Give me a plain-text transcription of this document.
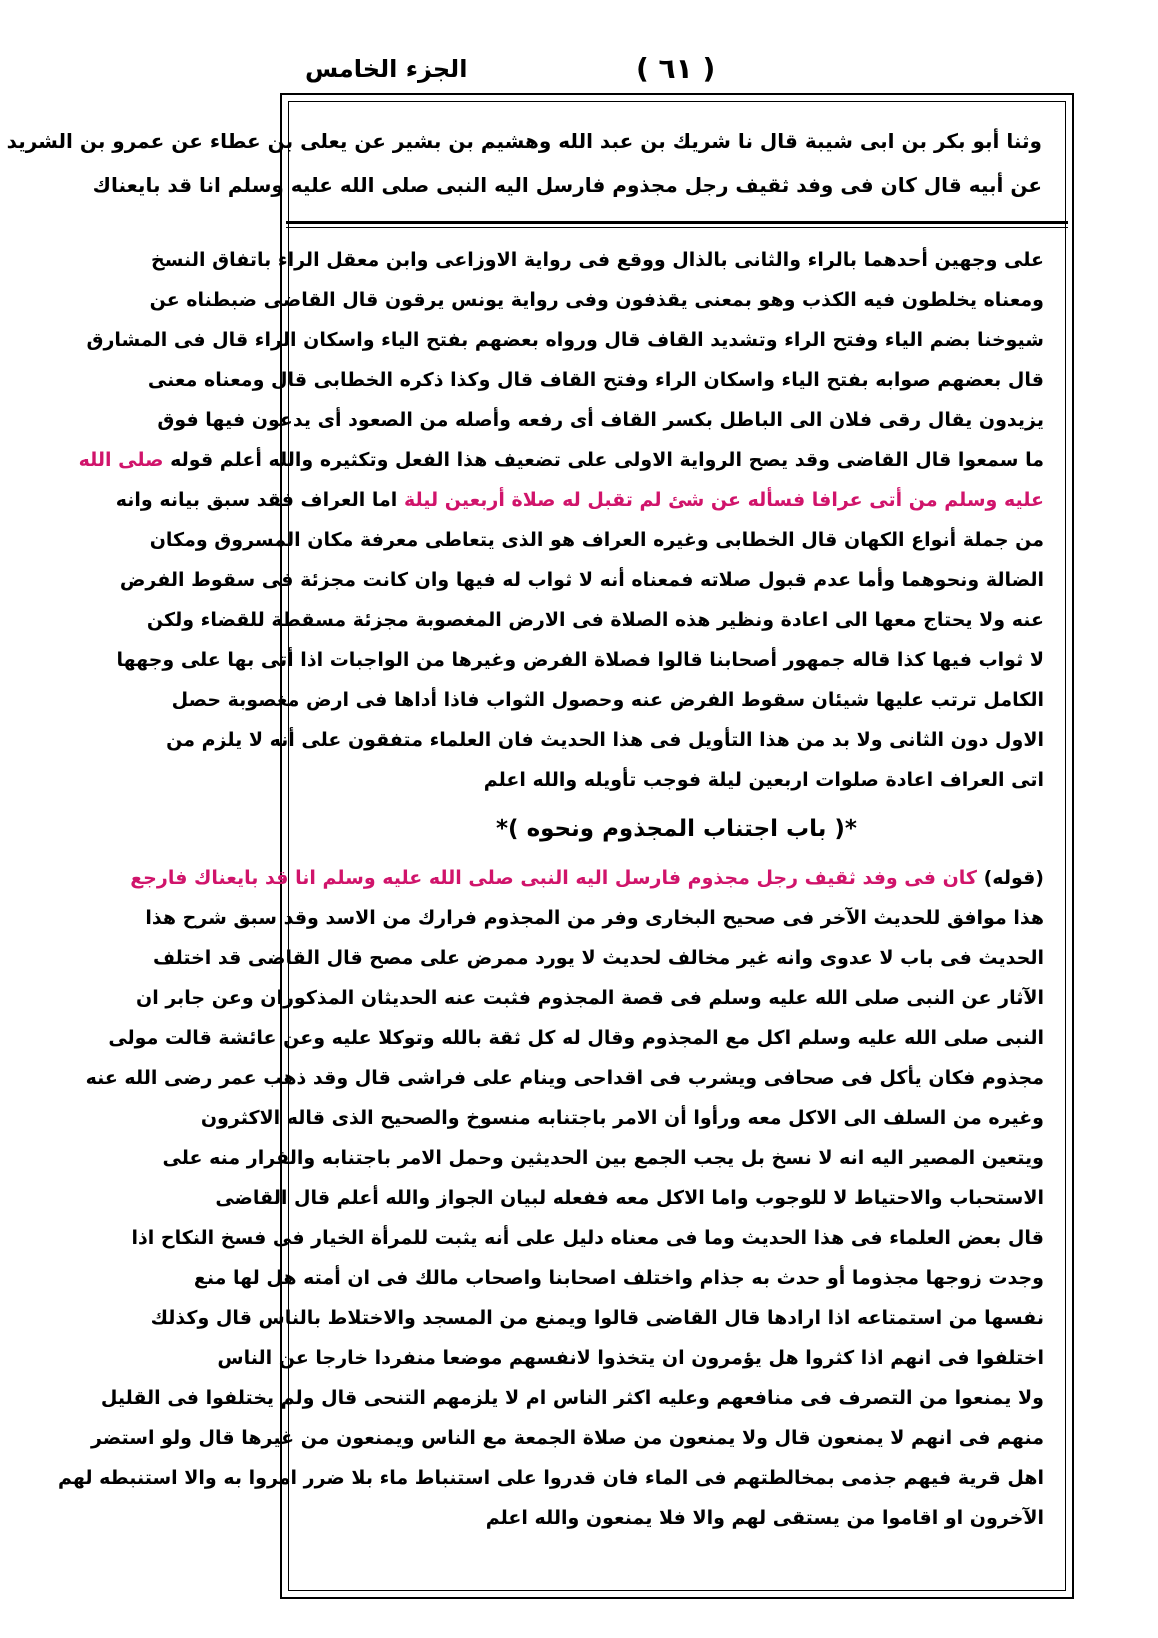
الجزء الخامس	( ٦١ )
وثنا أبو بكر بن ابى شيبة قال نا شريك بن عبد الله وهشيم بن بشير عن يعلى بن عطاء عن عمرو بن الشريد
عن أبيه قال كان فى وفد ثقيف رجل مجذوم فارسل اليه النبى صلى الله عليه وسلم انا قد بايعناك
على وجهين أحدهما بالراء والثانى بالذال ووقع فى رواية الاوزاعى وابن معقل الراء باتفاق النسخ
ومعناه يخلطون فيه الكذب وهو بمعنى يقذفون وفى رواية يونس يرقون قال القاضى ضبطناه عن
شيوخنا بضم الياء وفتح الراء وتشديد القاف قال ورواه بعضهم بفتح الياء واسكان الراء قال فى المشارق
قال بعضهم صوابه بفتح الياء واسكان الراء وفتح القاف قال وكذا ذكره الخطابى قال ومعناه معنى
يزيدون يقال رقى فلان الى الباطل بكسر القاف أى رفعه وأصله من الصعود أى يدعون فيها فوق
ما سمعوا قال القاضى وقد يصح الرواية الاولى على تضعيف هذا الفعل وتكثيره والله أعلم قوله صلى الله
عليه وسلم من أتى عرافا فسأله عن شئ لم تقبل له صلاة أربعين ليلة اما العراف فقد سبق بيانه وانه
من جملة أنواع الكهان قال الخطابى وغيره العراف هو الذى يتعاطى معرفة مكان المسروق ومكان
الضالة ونحوهما وأما عدم قبول صلاته فمعناه أنه لا ثواب له فيها وان كانت مجزئة فى سقوط الفرض
عنه ولا يحتاج معها الى اعادة ونظير هذه الصلاة فى الارض المغصوبة مجزئة مسقطة للقضاء ولكن
لا ثواب فيها كذا قاله جمهور أصحابنا قالوا فصلاة الفرض وغيرها من الواجبات اذا أتى بها على وجهها
الكامل ترتب عليها شيئان سقوط الفرض عنه وحصول الثواب فاذا أداها فى ارض مغصوبة حصل
الاول دون الثانى ولا بد من هذا التأويل فى هذا الحديث فان العلماء متفقون على أنه لا يلزم من
اتى العراف اعادة صلوات اربعين ليلة فوجب تأويله والله اعلم
*( باب اجتناب المجذوم ونحوه )*
(قوله) كان فى وفد ثقيف رجل مجذوم فارسل اليه النبى صلى الله عليه وسلم انا قد بايعناك فارجع
هذا موافق للحديث الآخر فى صحيح البخارى وفر من المجذوم فرارك من الاسد وقد سبق شرح هذا
الحديث فى باب لا عدوى وانه غير مخالف لحديث لا يورد ممرض على مصح قال القاضى قد اختلف
الآثار عن النبى صلى الله عليه وسلم فى قصة المجذوم فثبت عنه الحديثان المذكوران وعن جابر ان
النبى صلى الله عليه وسلم اكل مع المجذوم وقال له كل ثقة بالله وتوكلا عليه وعن عائشة قالت مولى
مجذوم فكان يأكل فى صحافى ويشرب فى اقداحى وينام على فراشى قال وقد ذهب عمر رضى الله عنه
وغيره من السلف الى الاكل معه ورأوا أن الامر باجتنابه منسوخ والصحيح الذى قاله الاكثرون
ويتعين المصير اليه انه لا نسخ بل يجب الجمع بين الحديثين وحمل الامر باجتنابه والفرار منه على
الاستحباب والاحتياط لا للوجوب واما الاكل معه ففعله لبيان الجواز والله أعلم قال القاضى
قال بعض العلماء فى هذا الحديث وما فى معناه دليل على أنه يثبت للمرأة الخيار فى فسخ النكاح اذا
وجدت زوجها مجذوما أو حدث به جذام واختلف اصحابنا واصحاب مالك فى ان أمته هل لها منع
نفسها من استمتاعه اذا ارادها قال القاضى قالوا ويمنع من المسجد والاختلاط بالناس قال وكذلك
اختلفوا فى انهم اذا كثروا هل يؤمرون ان يتخذوا لانفسهم موضعا منفردا خارجا عن الناس
ولا يمنعوا من التصرف فى منافعهم وعليه اكثر الناس ام لا يلزمهم التنحى قال ولم يختلفوا فى القليل
منهم فى انهم لا يمنعون قال ولا يمنعون من صلاة الجمعة مع الناس ويمنعون من غيرها قال ولو استضر
اهل قرية فيهم جذمى بمخالطتهم فى الماء فان قدروا على استنباط ماء بلا ضرر امروا به والا استنبطه لهم
الآخرون او اقاموا من يستقى لهم والا فلا يمنعون والله اعلم
